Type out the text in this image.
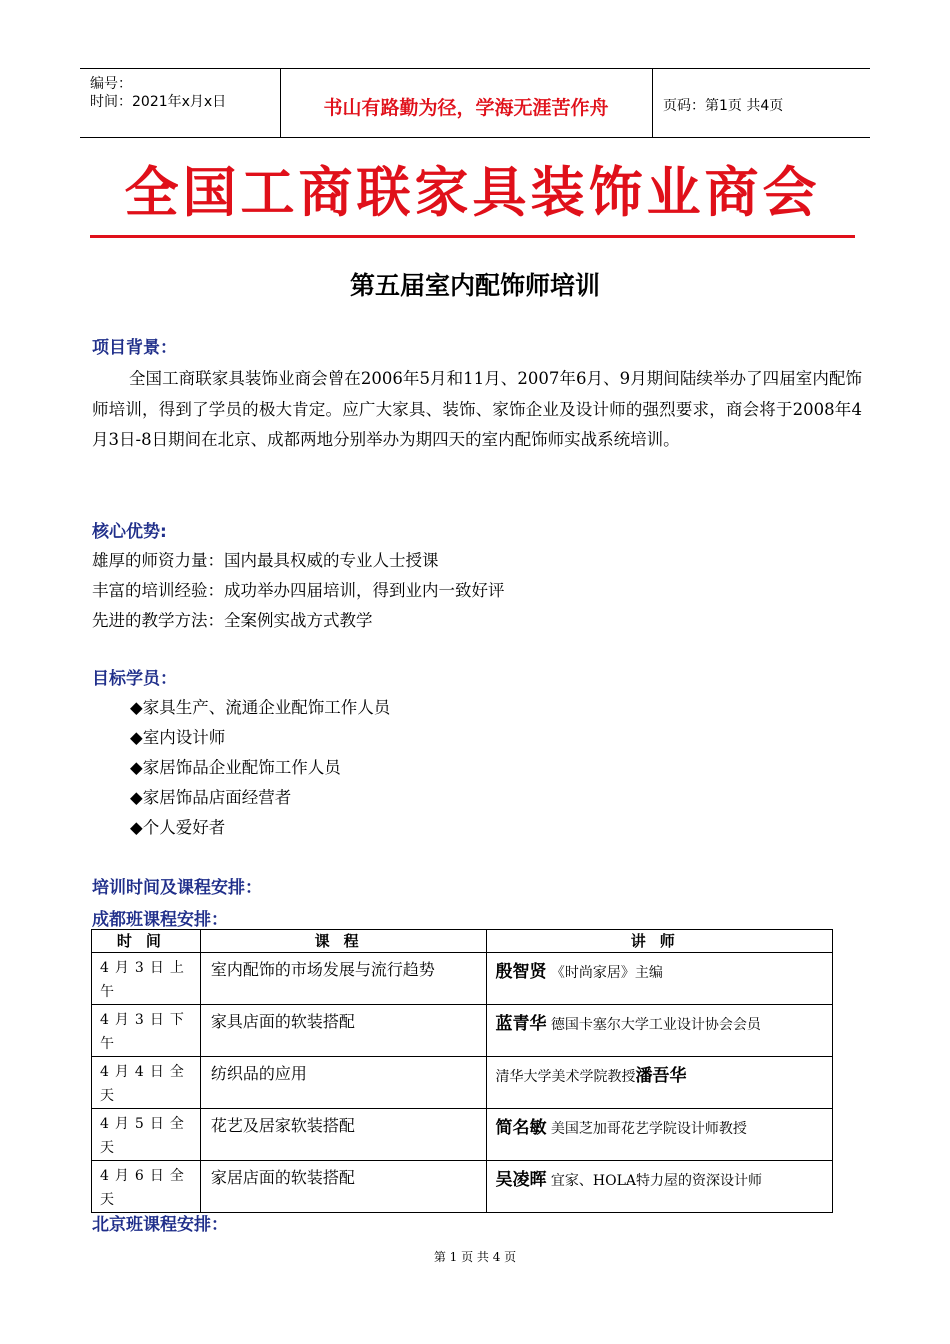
编号：
时间：2021年x月x日	书山有路勤为径，学海无涯苦作舟	页码：第1页 共4页
全国工商联家具装饰业商会
第五届室内配饰师培训
项目背景：
全国工商联家具装饰业商会曾在2006年5月和11月、2007年6月、9月期间陆续举办了四届室内配饰师培训，得到了学员的极大肯定。应广大家具、装饰、家饰企业及设计师的强烈要求，商会将于2008年4月3日-8日期间在北京、成都两地分别举办为期四天的室内配饰师实战系统培训。
核心优势:
雄厚的师资力量：国内最具权威的专业人士授课
丰富的培训经验：成功举办四届培训，得到业内一致好评
先进的教学方法：全案例实战方式教学
目标学员：
◆家具生产、流通企业配饰工作人员
◆室内设计师
◆家居饰品企业配饰工作人员
◆家居饰品店面经营者
◆个人爱好者
培训时间及课程安排：
成都班课程安排：
时间	课程	讲师

4月3日上午	室内配饰的市场发展与流行趋势	殷智贤 《时尚家居》主编

4月3日下午	家具店面的软装搭配	蓝青华 德国卡塞尔大学工业设计协会会员

4月4日全天	纺织品的应用	清华大学美术学院教授潘吾华

4月5日全天	花艺及居家软装搭配	简名敏 美国芝加哥花艺学院设计师教授

4月6日全天	家居店面的软装搭配	吴凌晖 宜家、HOLA特力屋的资深设计师
北京班课程安排：
第 1 页 共 4 页
